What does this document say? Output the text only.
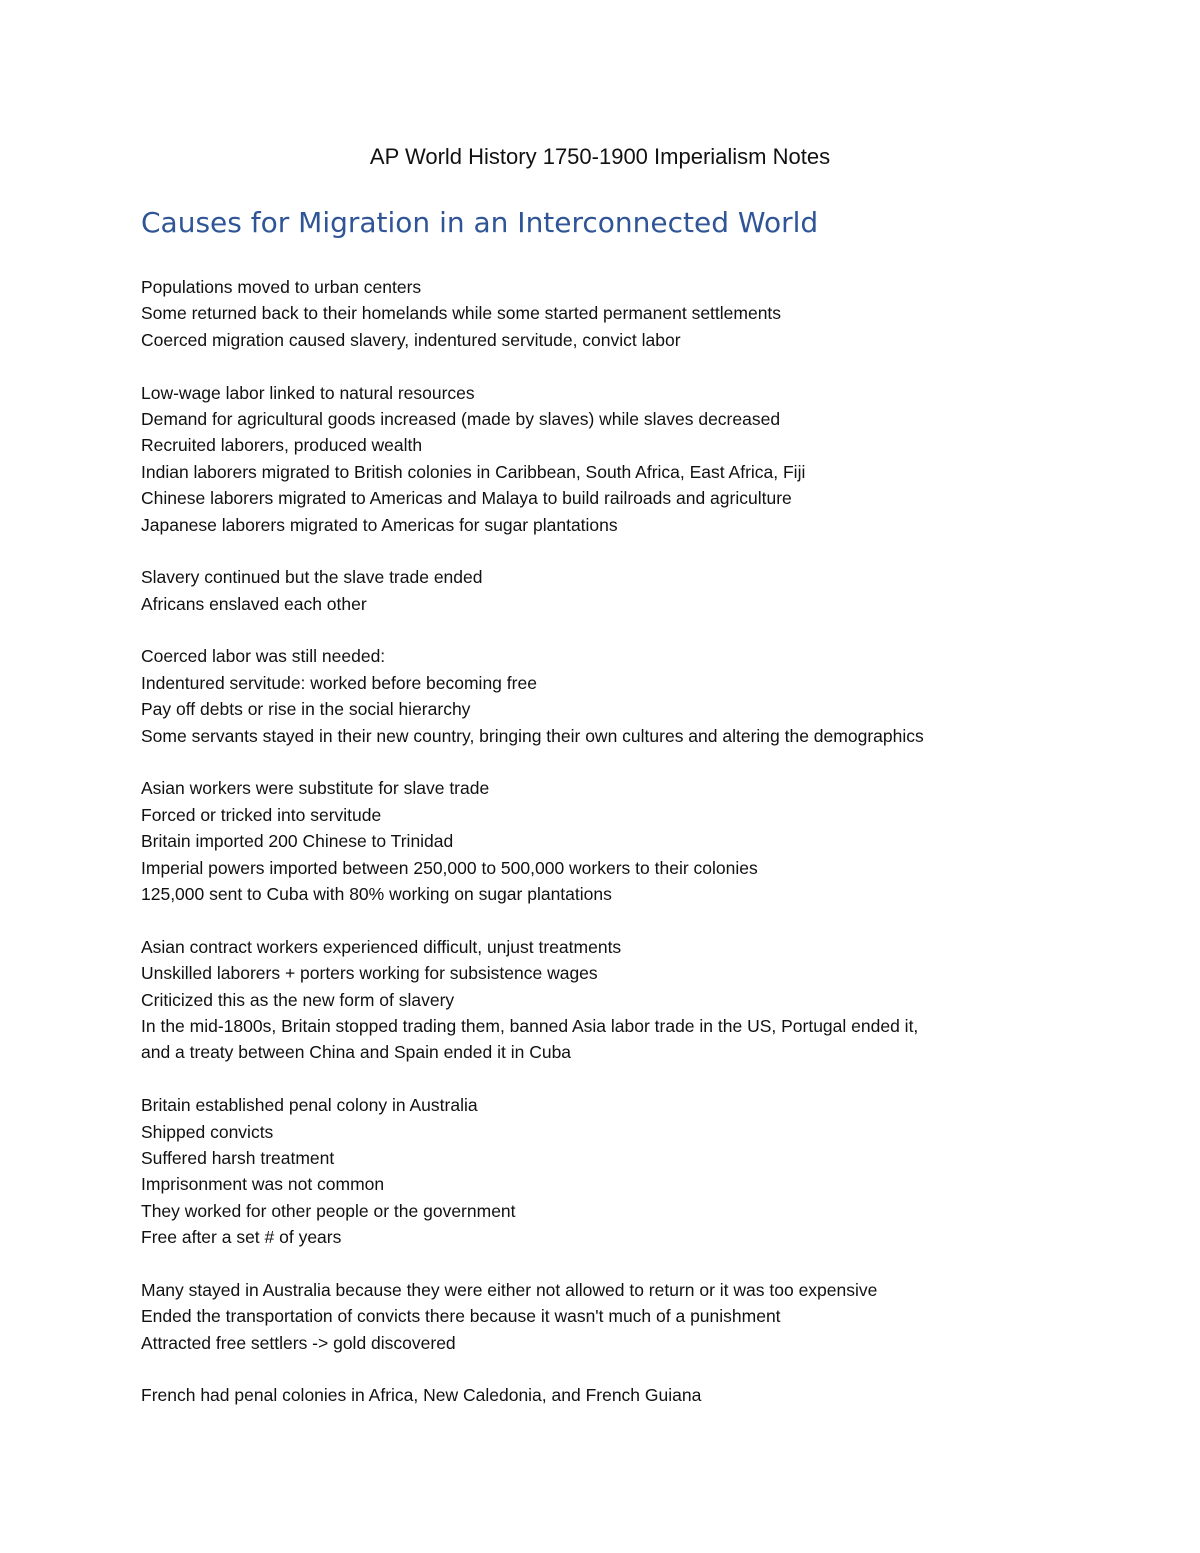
AP World History 1750-1900 Imperialism Notes
Causes for Migration in an Interconnected World
Populations moved to urban centers
Some returned back to their homelands while some started permanent settlements
Coerced migration caused slavery, indentured servitude, convict labor
Low-wage labor linked to natural resources
Demand for agricultural goods increased (made by slaves) while slaves decreased
Recruited laborers, produced wealth
Indian laborers migrated to British colonies in Caribbean, South Africa, East Africa, Fiji
Chinese laborers migrated to Americas and Malaya to build railroads and agriculture
Japanese laborers migrated to Americas for sugar plantations
Slavery continued but the slave trade ended
Africans enslaved each other
Coerced labor was still needed:
Indentured servitude: worked before becoming free
Pay off debts or rise in the social hierarchy
Some servants stayed in their new country, bringing their own cultures and altering the demographics
Asian workers were substitute for slave trade
Forced or tricked into servitude
Britain imported 200 Chinese to Trinidad
Imperial powers imported between 250,000 to 500,000 workers to their colonies
125,000 sent to Cuba with 80% working on sugar plantations
Asian contract workers experienced difficult, unjust treatments
Unskilled laborers + porters working for subsistence wages
Criticized this as the new form of slavery
In the mid-1800s, Britain stopped trading them, banned Asia labor trade in the US, Portugal ended it,
and a treaty between China and Spain ended it in Cuba
Britain established penal colony in Australia
Shipped convicts
Suffered harsh treatment
Imprisonment was not common
They worked for other people or the government
Free after a set # of years
Many stayed in Australia because they were either not allowed to return or it was too expensive
Ended the transportation of convicts there because it wasn't much of a punishment
Attracted free settlers -> gold discovered
French had penal colonies in Africa, New Caledonia, and French Guiana
